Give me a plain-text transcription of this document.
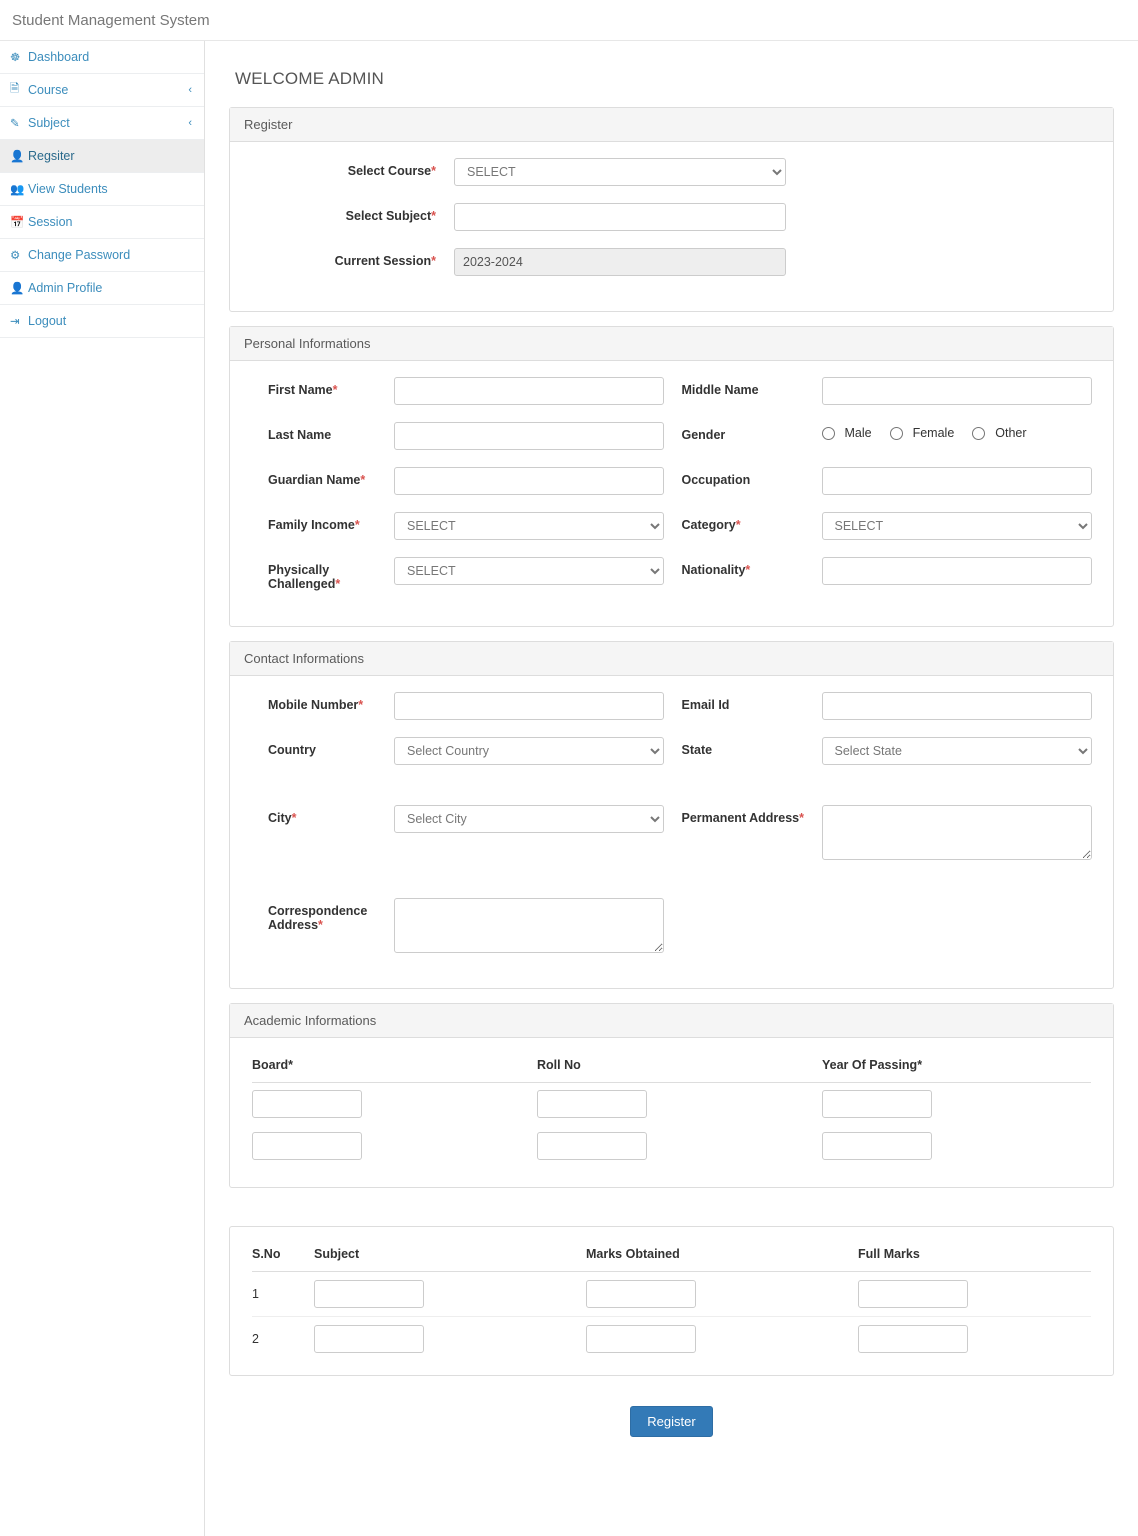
Student Management System
☸ Dashboard
🗎 Course	‹
✎ Subject	‹
👤 Regsiter
👥 View Students
📅 Session
⚙ Change Password
👤 Admin Profile
⇥ Logout
WELCOME ADMIN
Register
Select Course*
SELECT
Select Subject*
Current Session*
2023-2024
Personal Informations
First Name*	Middle Name
Last Name	Gender	Male	Female	Other
Guardian Name*	Occupation
Family Income*
SELECT	Category*
SELECT
Physically Challenged*
SELECT
Nationality*
Contact Informations
Mobile Number*	Email Id
Country
Select Country	State
Select State
City*
Select City	Permanent Address*
Correspondence Address*
Academic Informations
Board*	Roll No	Year Of Passing*

S.No	Subject	Marks Obtained	Full Marks
1			
2			
Register
